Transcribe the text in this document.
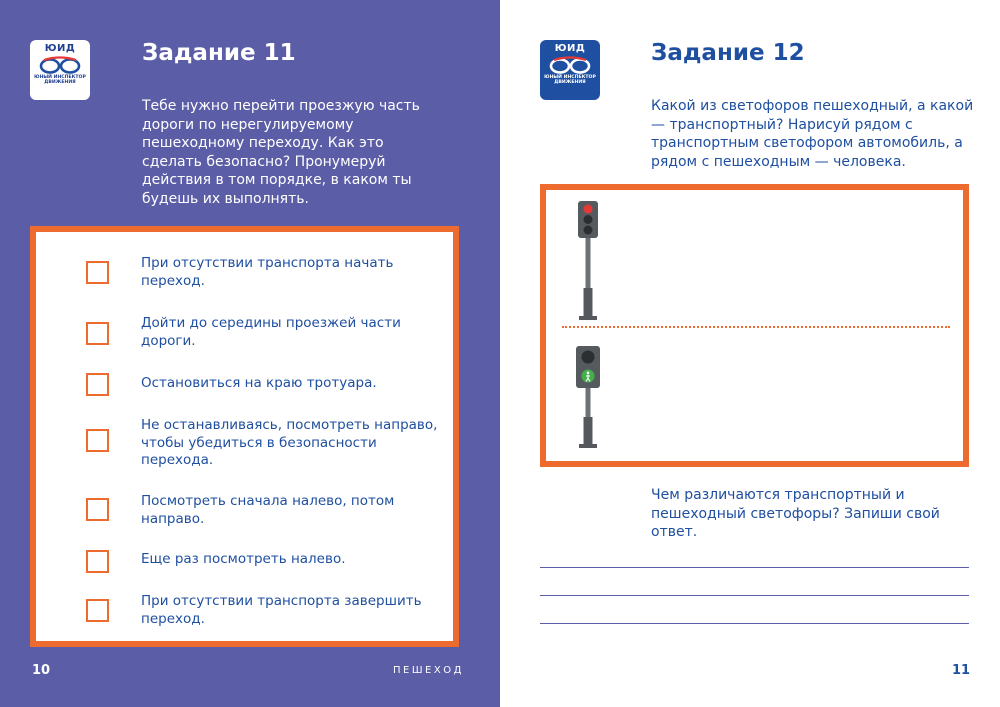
ЮИД
ЮНЫЙ ИНСПЕКТОР ДВИЖЕНИЯ
Задание 11

Тебе нужно перейти проезжую часть дороги по нерегулируемому пешеходному переходу. Как это сделать безопасно? Пронумеруй действия в том порядке, в каком ты будешь их выполнять.

При отсутствии транспорта начать переход.
Дойти до середины проезжей части дороги.
Остановиться на краю тротуара.
Не останавливаясь, посмотреть направо, чтобы убедиться в безопасности перехода.
Посмотреть сначала налево, потом направо.
Еще раз посмотреть налево.
При отсутствии транспорта завершить переход.
10	ПЕШЕХОД
ЮИД
ЮНЫЙ ИНСПЕКТОР ДВИЖЕНИЯ
Задание 12

Какой из светофоров пешеходный, а какой — транспортный? Нарисуй рядом с транспортным светофором автомобиль, а рядом с пешеходным — человека.

Чем различаются транспортный и пешеходный светофоры? Запиши свой ответ.

11
